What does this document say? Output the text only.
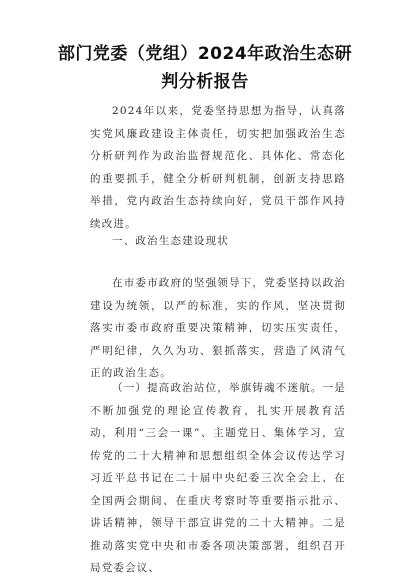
部门党委（党组）2024年政治生态研判分析报告

2024年以来，党委坚持思想为指导，认真落实党风廉政建设主体责任，切实把加强政治生态分析研判作为政治监督规范化、具体化、常态化的重要抓手，健全分析研判机制，创新支持思路举措，党内政治生态持续向好，党员干部作风持续改进。

一、政治生态建设现状

在市委市政府的坚强领导下，党委坚持以政治建设为统领，以严的标准，实的作风，坚决贯彻落实市委市政府重要决策精神，切实压实责任，严明纪律，久久为功、狠抓落实，营造了风清气正的政治生态。

（一）提高政治站位，举旗铸魂不迷航。一是不断加强党的理论宣传教育，扎实开展教育活动，利用“三会一课”、主题党日、集体学习，宣传党的二十大精神和思想组织全体会议传达学习习近平总书记在二十届中央纪委三次全会上、在全国两会期间、在重庆考察时等重要指示批示、讲话精神，领导干部宣讲党的二十大精神。二是推动落实党中央和市委各项决策部署，组织召开局党委会议、
